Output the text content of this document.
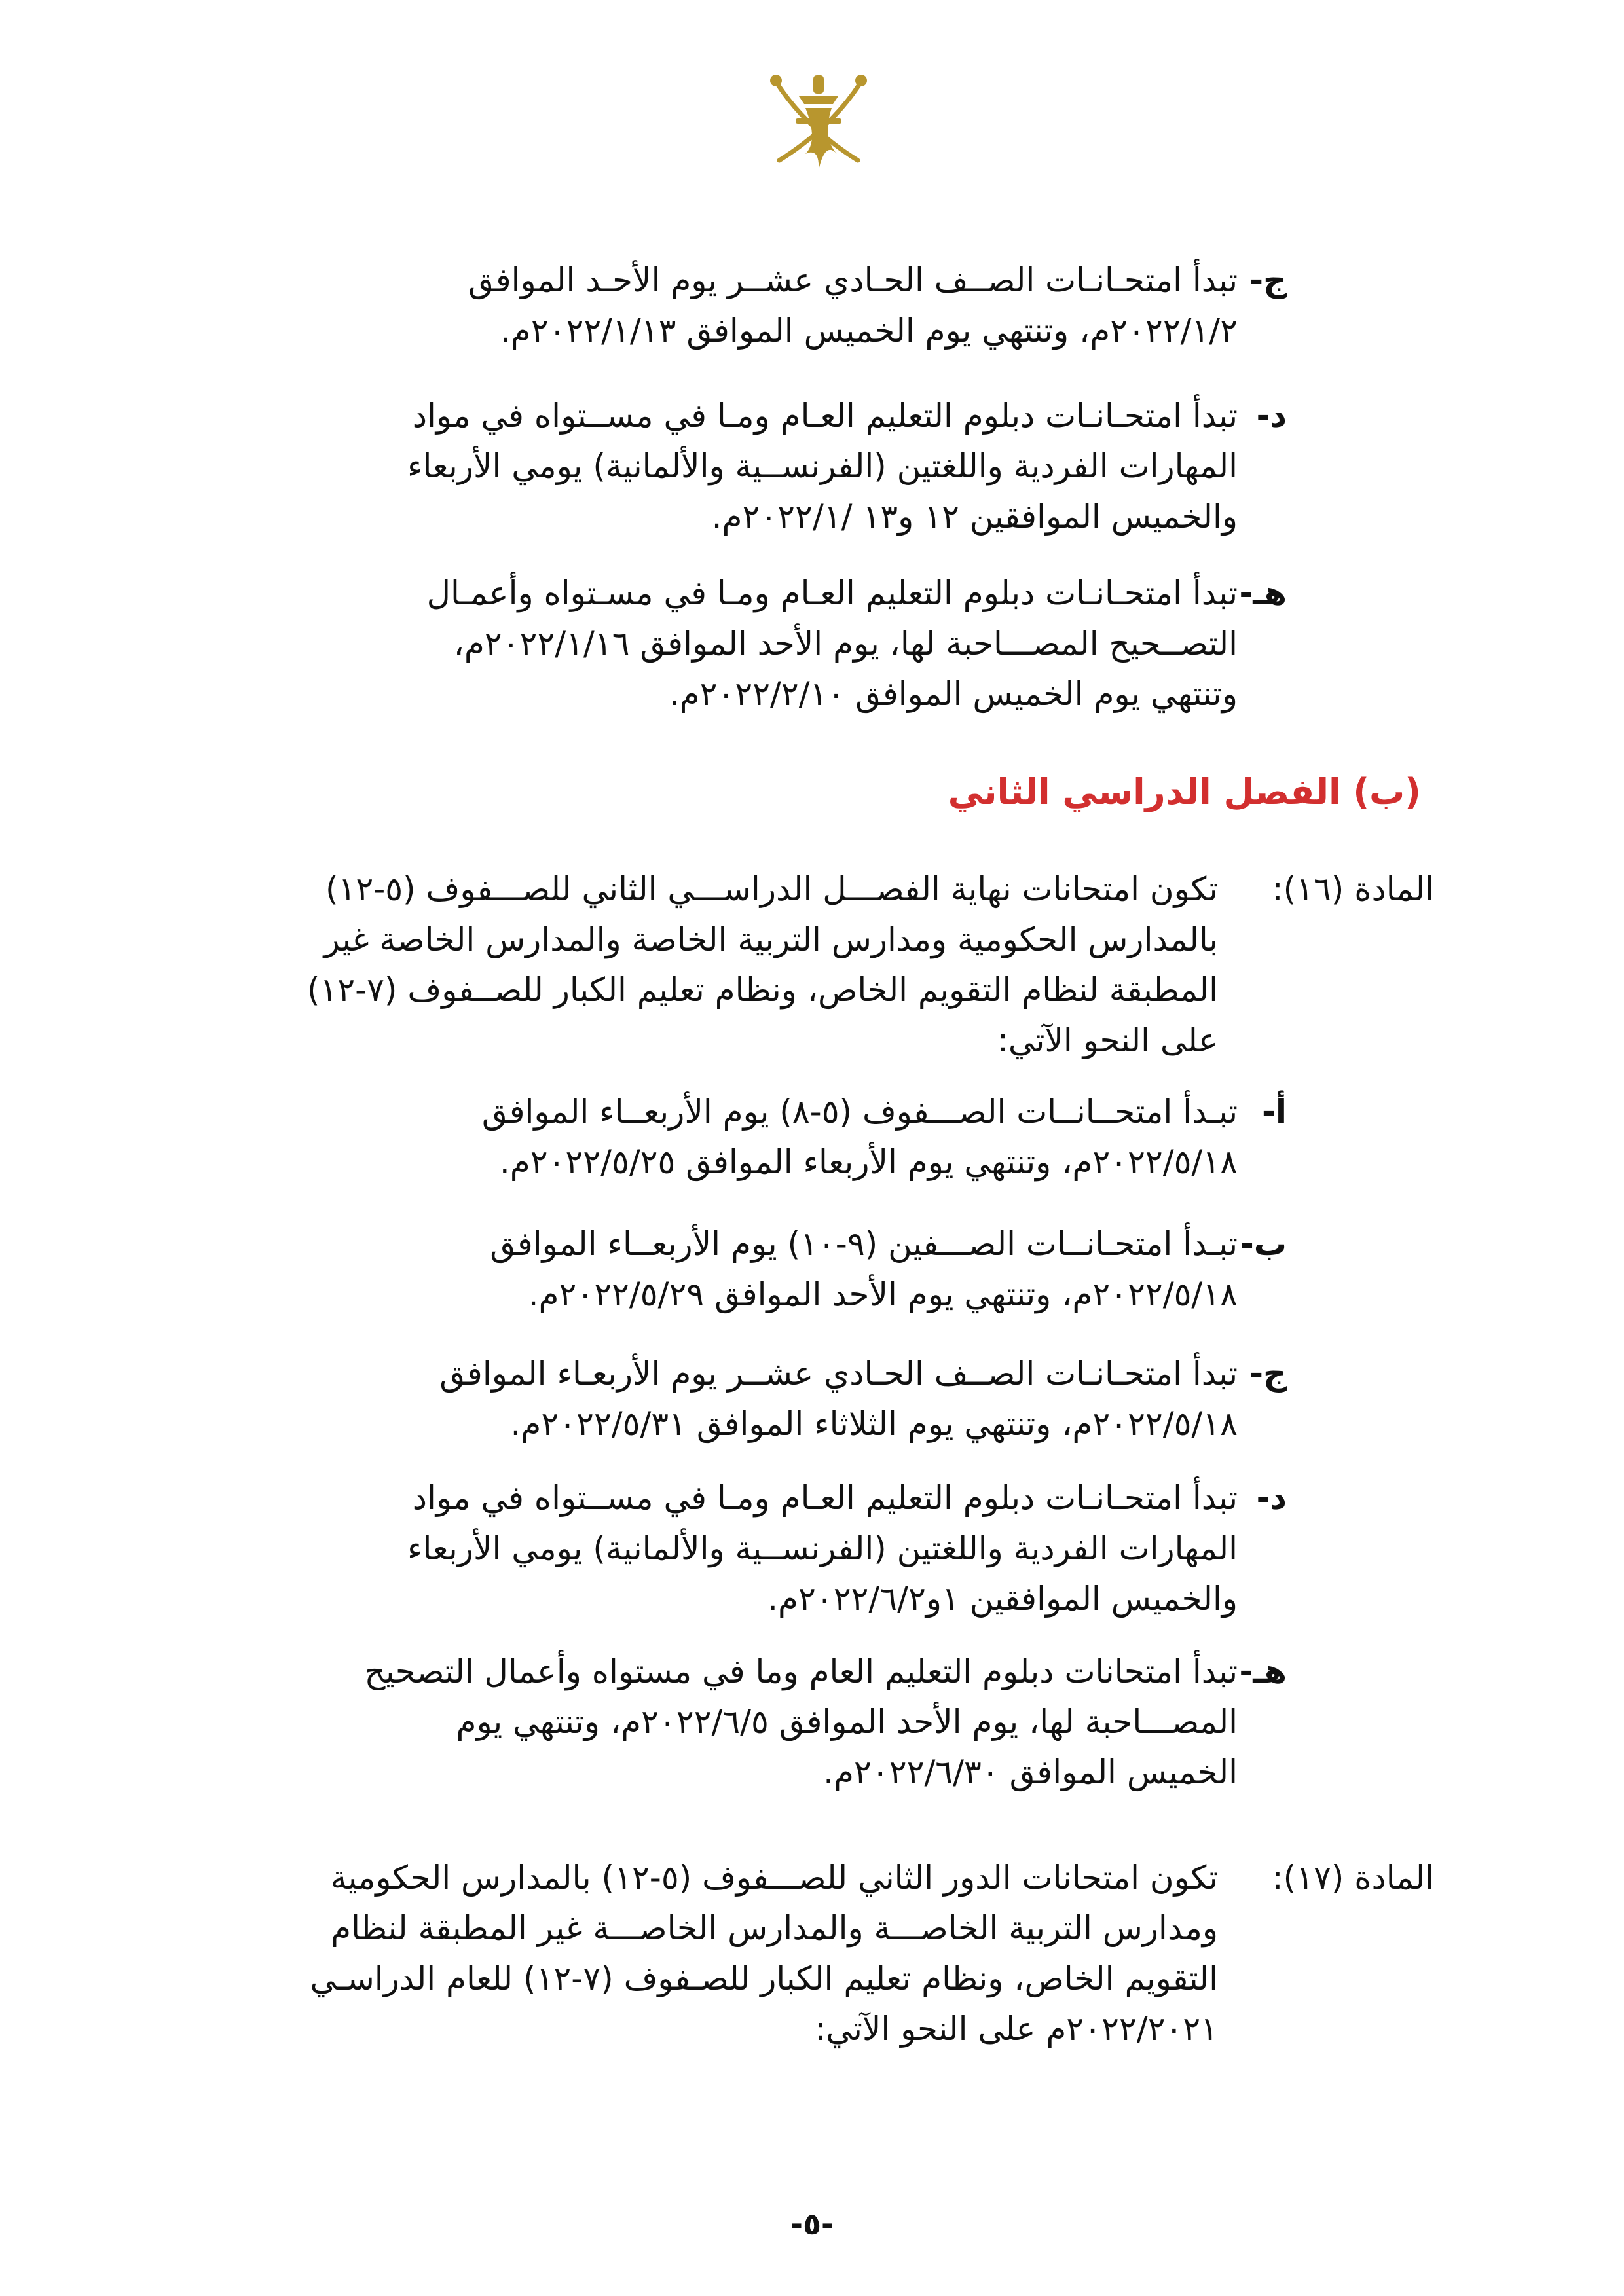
ج-
تبدأ امتحـانـات الصــف الحـادي عشــر يوم الأحـد الموافق
٢٠٢٢/١/٢م، وتنتهي يوم الخميس الموافق ٢٠٢٢/١/١٣م.
د-
تبدأ امتحـانـات دبلوم التعليم العـام ومـا في مســتواه في مواد
المهارات الفردية واللغتين (الفرنســية والألمانية) يومي الأربعاء
والخميس الموافقين ١٢ و١٣ /٢٠٢٢/١م.
هـ-
تبدأ امتحـانـات دبلوم التعليم العـام ومـا في مسـتواه وأعمـال
التصــحيح المصـــاحبة لها، يوم الأحد الموافق ٢٠٢٢/١/١٦م،
وتنتهي يوم الخميس الموافق ٢٠٢٢/٢/١٠م.
(ب) الفصل الدراسي الثاني
المادة (١٦):
تكون امتحانات نهاية الفصـــل الدراســـي الثاني للصـــفوف (٥-١٢)
بالمدارس الحكومية ومدارس التربية الخاصة والمدارس الخاصة غير
المطبقة لنظام التقويم الخاص، ونظام تعليم الكبار للصــفوف (٧-١٢)
على النحو الآتي:
أ-
تبـدأ امتحــانــات الصـــفوف (٥-٨) يوم الأربعــاء الموافق
٢٠٢٢/٥/١٨م، وتنتهي يوم الأربعاء الموافق ٢٠٢٢/٥/٢٥م.
ب-
تبـدأ امتحـانــات الصـــفين (٩-١٠) يوم الأربعــاء الموافق
٢٠٢٢/٥/١٨م، وتنتهي يوم الأحد الموافق ٢٠٢٢/٥/٢٩م.
ج-
تبدأ امتحـانـات الصــف الحـادي عشــر يوم الأربعـاء الموافق
٢٠٢٢/٥/١٨م، وتنتهي يوم الثلاثاء الموافق ٢٠٢٢/٥/٣١م.
د-
تبدأ امتحـانـات دبلوم التعليم العـام ومـا في مســتواه في مواد
المهارات الفردية واللغتين (الفرنســية والألمانية) يومي الأربعاء
والخميس الموافقين ١و٢٠٢٢/٦/٢م.
هـ-
تبدأ امتحانات دبلوم التعليم العام وما في مستواه وأعمال التصحيح
المصـــاحبة لها، يوم الأحد الموافق ٢٠٢٢/٦/٥م، وتنتهي يوم
الخميس الموافق ٢٠٢٢/٦/٣٠م.
المادة (١٧):
تكون امتحانات الدور الثاني للصـــفوف (٥-١٢) بالمدارس الحكومية
ومدارس التربية الخاصـــة والمدارس الخاصـــة غير المطبقة لنظام
التقويم الخاص، ونظام تعليم الكبار للصـفوف (٧-١٢) للعام الدراسـي
٢٠٢٢/٢٠٢١م على النحو الآتي:
-٥-
